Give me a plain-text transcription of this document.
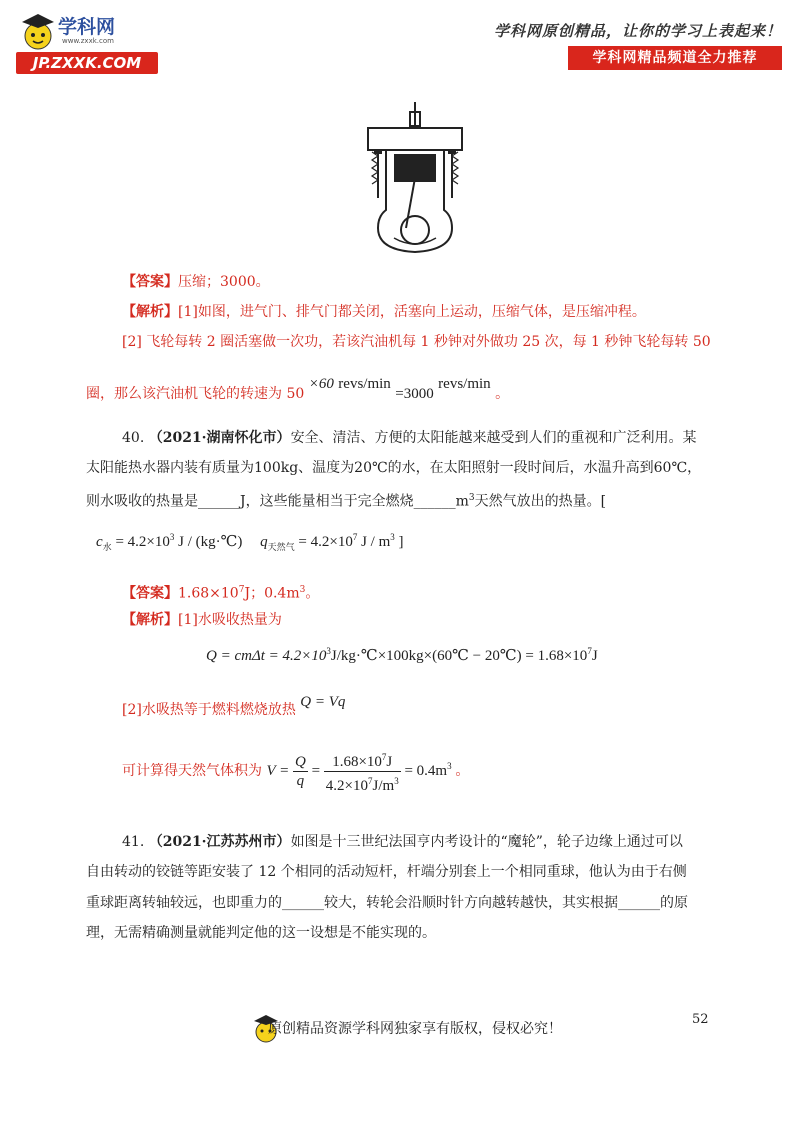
学科网
www.zxxk.com
JP.ZXXK.COM
学科网原创精品，让你的学习上表起来！
学科网精品频道全力推荐
【答案】压缩；3000。
【解析】[1]如图，进气门、排气门都关闭，活塞向上运动，压缩气体，是压缩冲程。
[2] 飞轮每转 2 圈活塞做一次功，若该汽油机每 1 秒钟对外做功 25 次，每 1 秒钟飞轮每转 50
圈，那么该汽油机飞轮的转速为 50 ×60 revs/min =3000 revs/min 。
40. （2021·湖南怀化市）安全、清洁、方便的太阳能越来越受到人们的重视和广泛利用。某
太阳能热水器内装有质量为100kg、温度为20℃的水，在太阳照射一段时间后，水温升高到60℃，
则水吸收的热量是______J，这些能量相当于完全燃烧$\_\_\_\_\_\_m^3$天然气放出的热量。[
$c_水 = 4.2\times 10^3$ J / (kg·℃) $q_{天然气} = 4.2\times 10^7$ J / $m^3$ ]
【答案】$1.68\times 10^7J$；$0.4m^3$。
【解析】[1]水吸收热量为
$Q = cm\Delta t = 4.2\times 10^3J/kg\cdot℃\times 100kg\times(60℃$ − 20℃) = $1.68\times 10^7J$
[2]水吸热等于燃料燃烧放热 Q = Vq
可计算得天然气体积为 $V = \frac{Q}{q} = \frac{1.68\times 10^7J}{4.2\times 10^7J/m^3} = 0.4m^3$ 。
41. （2021·江苏苏州市）如图是十三世纪法国亨内考设计的“魔轮”，轮子边缘上通过可以
自由转动的铰链等距安装了 12 个相同的活动短杆，杆端分别套上一个相同重球，他认为由于右侧
重球距离转轴较远，也即重力的______较大，转轮会沿顺时针方向越转越快，其实根据______的原
理，无需精确测量就能判定他的这一设想是不能实现的。
原创精品资源学科网独家享有版权，侵权必究！
52
